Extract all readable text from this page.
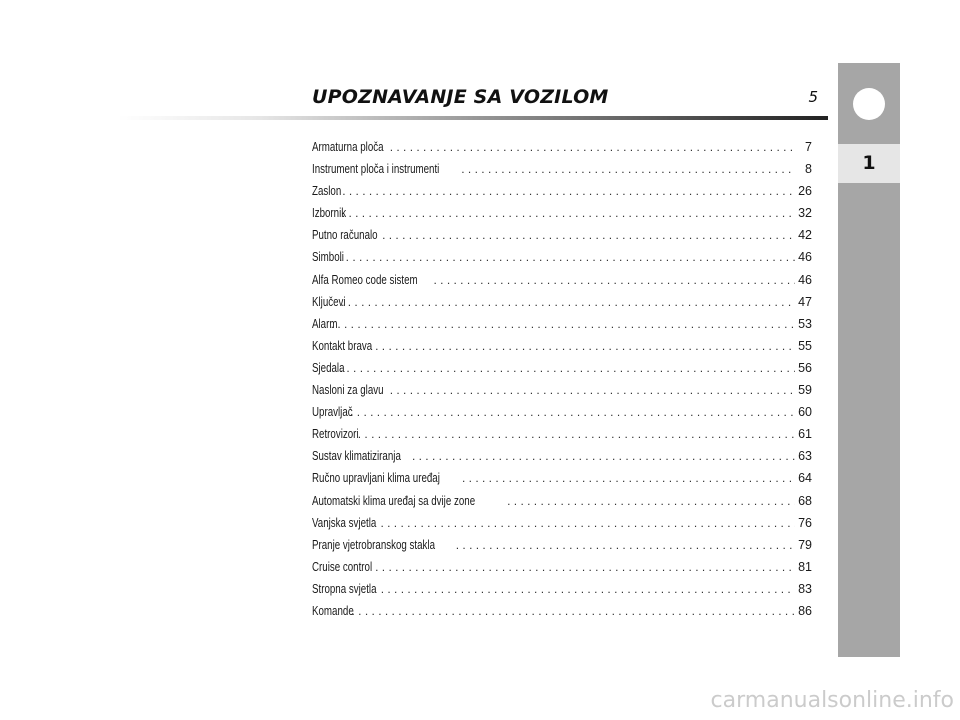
UPOZNAVANJE SA VOZILOM	5
Armaturna ploča . . .	7
Instrument ploča i instrumenti . . .	8
Zaslon . . .	26
Izbornik . . .	32
Putno računalo . . .	42
Simboli . . .	46
Alfa Romeo code sistem . . .	46
Ključevi . . .	47
Alarm . . .	53
Kontakt brava . . .	55
Sjedala . . .	56
Nasloni za glavu . . .	59
Upravljač . . .	60
Retrovizori . . .	61
Sustav klimatiziranja . . .	63
Ručno upravljani klima uređaj . . .	64
Automatski klima uređaj sa dvije zone . . .	68
Vanjska svjetla . . .	76
Pranje vjetrobranskog stakla . . .	79
Cruise control . . .	81
Stropna svjetla . . .	83
Komande . . .	86
1
carmanualsonline.info
